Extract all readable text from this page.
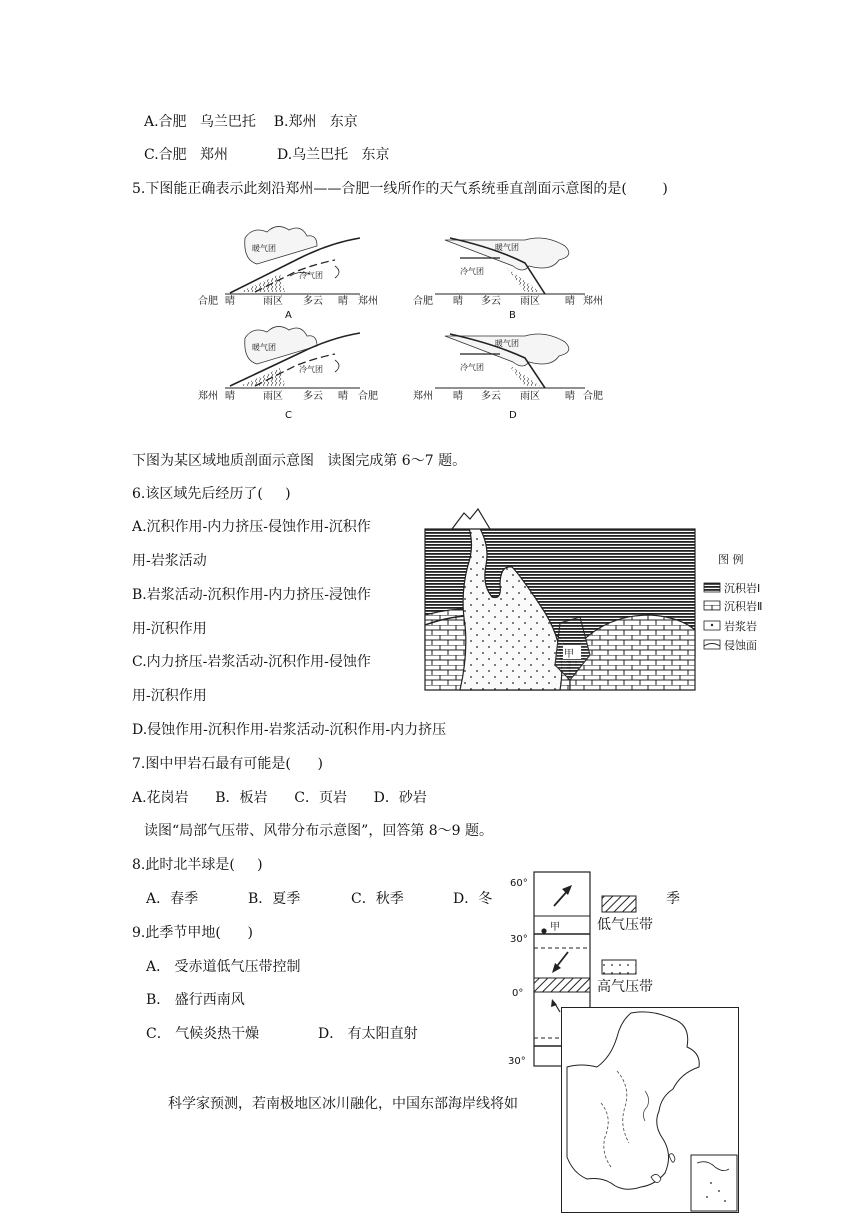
A.合肥   乌兰巴托    B.郑州   东京
C.合肥   郑州           D.乌兰巴托   东京
5.下图能正确表示此刻沿郑州——合肥一线所作的天气系统垂直剖面示意图的是(        )
暖气团
冷气团
合肥 晴	雨区 多云 晴 郑州
A
暖气团
冷气团
合肥 晴 多云 雨区	晴 郑州
B
暖气团
冷气团
郑州 晴	雨区 多云 晴 合肥
C
暖气团
冷气团
郑州 晴 多云 雨区	晴 合肥
D
下图为某区域地质剖面示意图   读图完成第 6～7 题。
6.该区域先后经历了(     )
A.沉积作用-内力挤压-侵蚀作用-沉积作
用-岩浆活动
B.岩浆活动-沉积作用-内力挤压-浸蚀作
用-沉积作用
C.内力挤压-岩浆活动-沉积作用-侵蚀作
用-沉积作用
D.侵蚀作用-沉积作用-岩浆活动-沉积作用-内力挤压
甲
图 例
沉积岩Ⅰ
沉积岩Ⅱ
岩浆岩
侵蚀面
7.图中甲岩石最有可能是(      )
A.花岗岩      B．板岩      C．页岩      D．砂岩
读图“局部气压带、风带分布示意图”，回答第 8～9 题。
8.此时北半球是(     )
A．春季	B．夏季	C．秋季	D．冬	季
9.此季节甲地(      )
A． 受赤道低气压带控制
B． 盛行西南风
C． 气候炎热干燥	D． 有太阳直射
甲
60°
30°
0°
30°
低气压带
高气压带
科学家预测，若南极地区冰川融化，中国东部海岸线将如
